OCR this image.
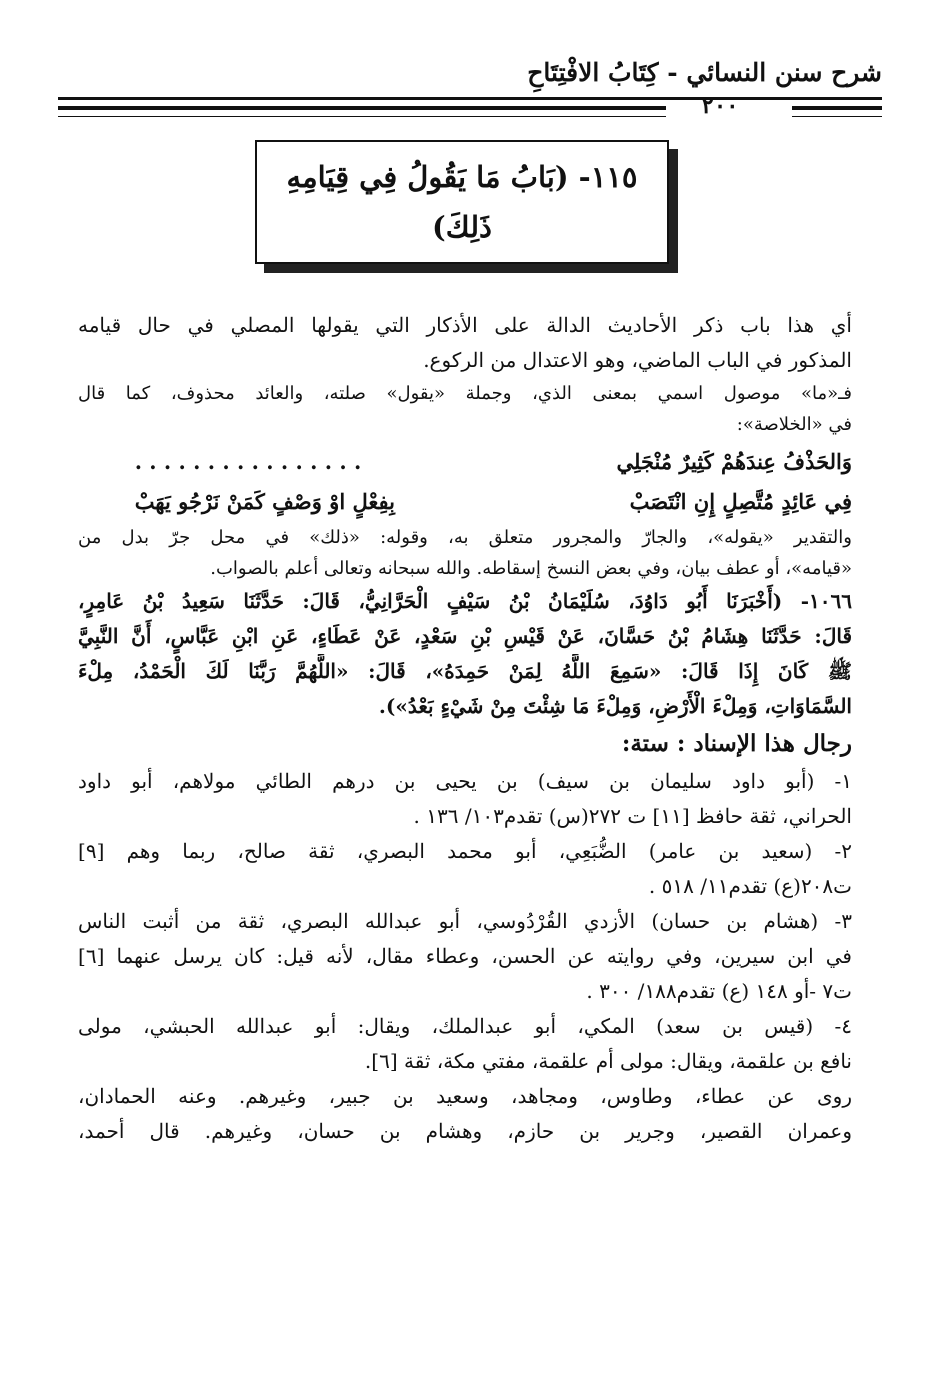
شرح سنن النسائي - كِتَابُ الافْتِتَاحِ
٢٠٠
١١٥- (بَابُ مَا يَقُولُ فِي قِيَامِهِ
ذَلِكَ)
أي هذا باب ذكر الأحاديث الدالة على الأذكار التي يقولها المصلي في حال قيامه
المذكور في الباب الماضي، وهو الاعتدال من الركوع.
فـ«ما» موصول اسمي بمعنى الذي، وجملة «يقول» صلته، والعائد محذوف، كما قال
في «الخلاصة»:
وَالحَذْفُ عِندَهُمْ كَثِيرٌ مُنْجَلِي . . . . . . . . . . . . . . . .
فِي عَائِدٍ مُتَّصِلٍ إِنِ انْتَصَبْ بِفِعْلٍ اوْ وَصْفٍ كَمَنْ نَرْجُو يَهَبْ
والتقدير «يقوله»، والجارّ والمجرور متعلق به، وقوله: «ذلك» في محل جرّ بدل من
«قيامه»، أو عطف بيان، وفي بعض النسخ إسقاطه. والله سبحانه وتعالى أعلم بالصواب.
١٠٦٦- (أَخْبَرَنَا أَبُو دَاوُدَ، سُلَيْمَانُ بْنُ سَيْفٍ الْحَرَّانِيُّ، قَالَ: حَدَّثَنَا سَعِيدُ بْنُ عَامِرٍ،
قَالَ: حَدَّثَنَا هِشَامُ بْنُ حَسَّانَ، عَنْ قَيْسِ بْنِ سَعْدٍ، عَنْ عَطَاءٍ، عَنِ ابْنِ عَبَّاسٍ، أَنَّ النَّبِيَّ
ﷺ كَانَ إِذَا قَالَ: «سَمِعَ اللَّهُ لِمَنْ حَمِدَهُ»، قَالَ: «اللَّهُمَّ رَبَّنَا لَكَ الْحَمْدُ، مِلْءَ
السَّمَاوَاتِ، وَمِلْءَ الْأَرْضِ، وَمِلْءَ مَا شِئْتَ مِنْ شَيْءٍ بَعْدُ»).
رجال هذا الإسناد : ستة:
١- (أبو داود سليمان بن سيف) بن يحيى بن درهم الطائي مولاهم، أبو داود
الحراني، ثقة حافظ [١١] ت ٢٧٢(س) تقدم١٠٣/ ١٣٦ .
٢- (سعيد بن عامر) الضُّبَعِي، أبو محمد البصري، ثقة صالح، ربما وهم [٩]
ت٢٠٨(ع) تقدم١١/ ٥١٨ .
٣- (هشام بن حسان) الأزدي القُرْدُوسي، أبو عبدالله البصري، ثقة من أثبت الناس
في ابن سيرين، وفي روايته عن الحسن، وعطاء مقال، لأنه قيل: كان يرسل عنهما [٦]
ت٧ -أو ١٤٨ (ع) تقدم١٨٨/ ٣٠٠ .
٤- (قيس بن سعد) المكي، أبو عبدالملك، ويقال: أبو عبدالله الحبشي، مولى
نافع بن علقمة، ويقال: مولى أم علقمة، مفتي مكة، ثقة [٦].
روى عن عطاء، وطاوس، ومجاهد، وسعيد بن جبير، وغيرهم. وعنه الحمادان،
وعمران القصير، وجرير بن حازم، وهشام بن حسان، وغيرهم. قال أحمد،
